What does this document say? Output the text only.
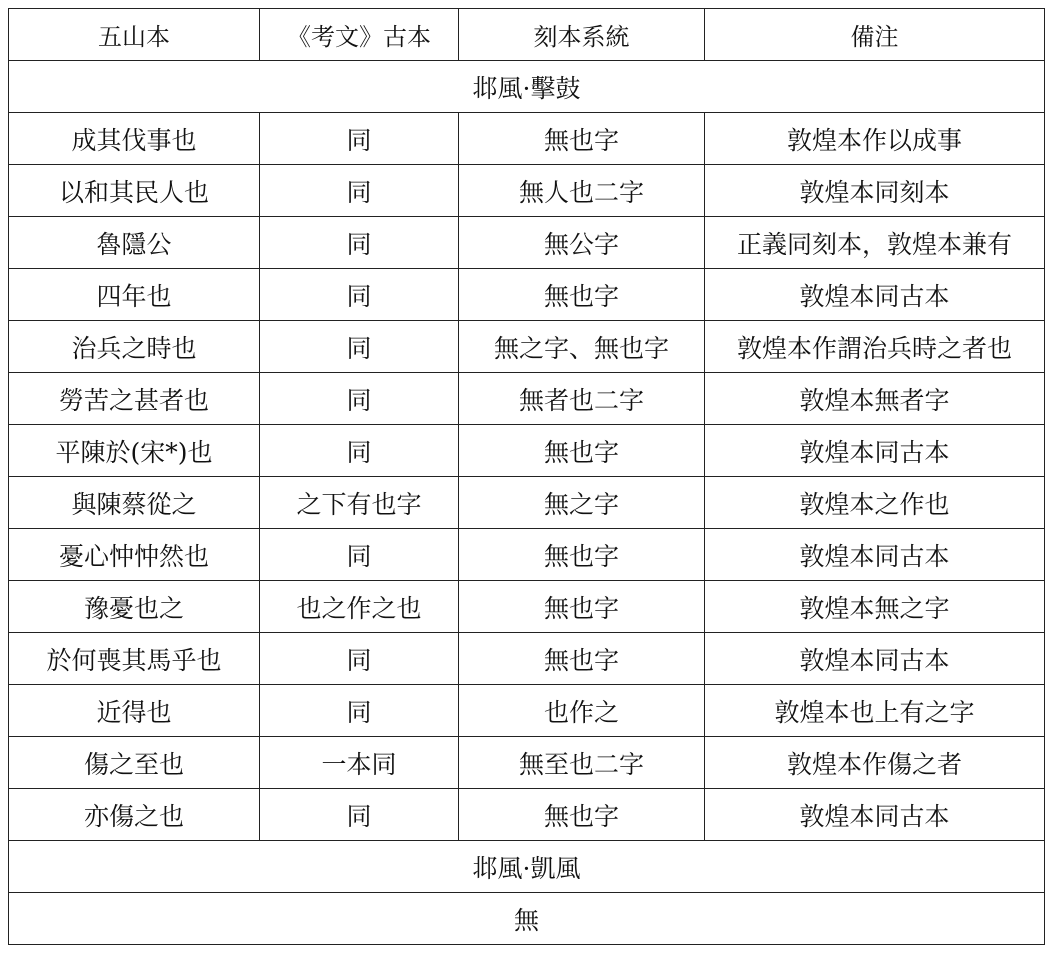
五山本	《考文》古本	刻本系統	備注
邶風·擊鼓			
成其伐事也	同	無也字	敦煌本作以成事
以和其民人也	同	無人也二字	敦煌本同刻本
魯隱公	同	無公字	正義同刻本，敦煌本兼有
四年也	同	無也字	敦煌本同古本
治兵之時也	同	無之字、無也字	敦煌本作謂治兵時之者也
勞苦之甚者也	同	無者也二字	敦煌本無者字
平陳於(宋*)也	同	無也字	敦煌本同古本
與陳蔡從之	之下有也字	無之字	敦煌本之作也
憂心忡忡然也	同	無也字	敦煌本同古本
豫憂也之	也之作之也	無也字	敦煌本無之字
於何喪其馬乎也	同	無也字	敦煌本同古本
近得也	同	也作之	敦煌本也上有之字
傷之至也	一本同	無至也二字	敦煌本作傷之者
亦傷之也	同	無也字	敦煌本同古本
邶風·凱風			
無			
